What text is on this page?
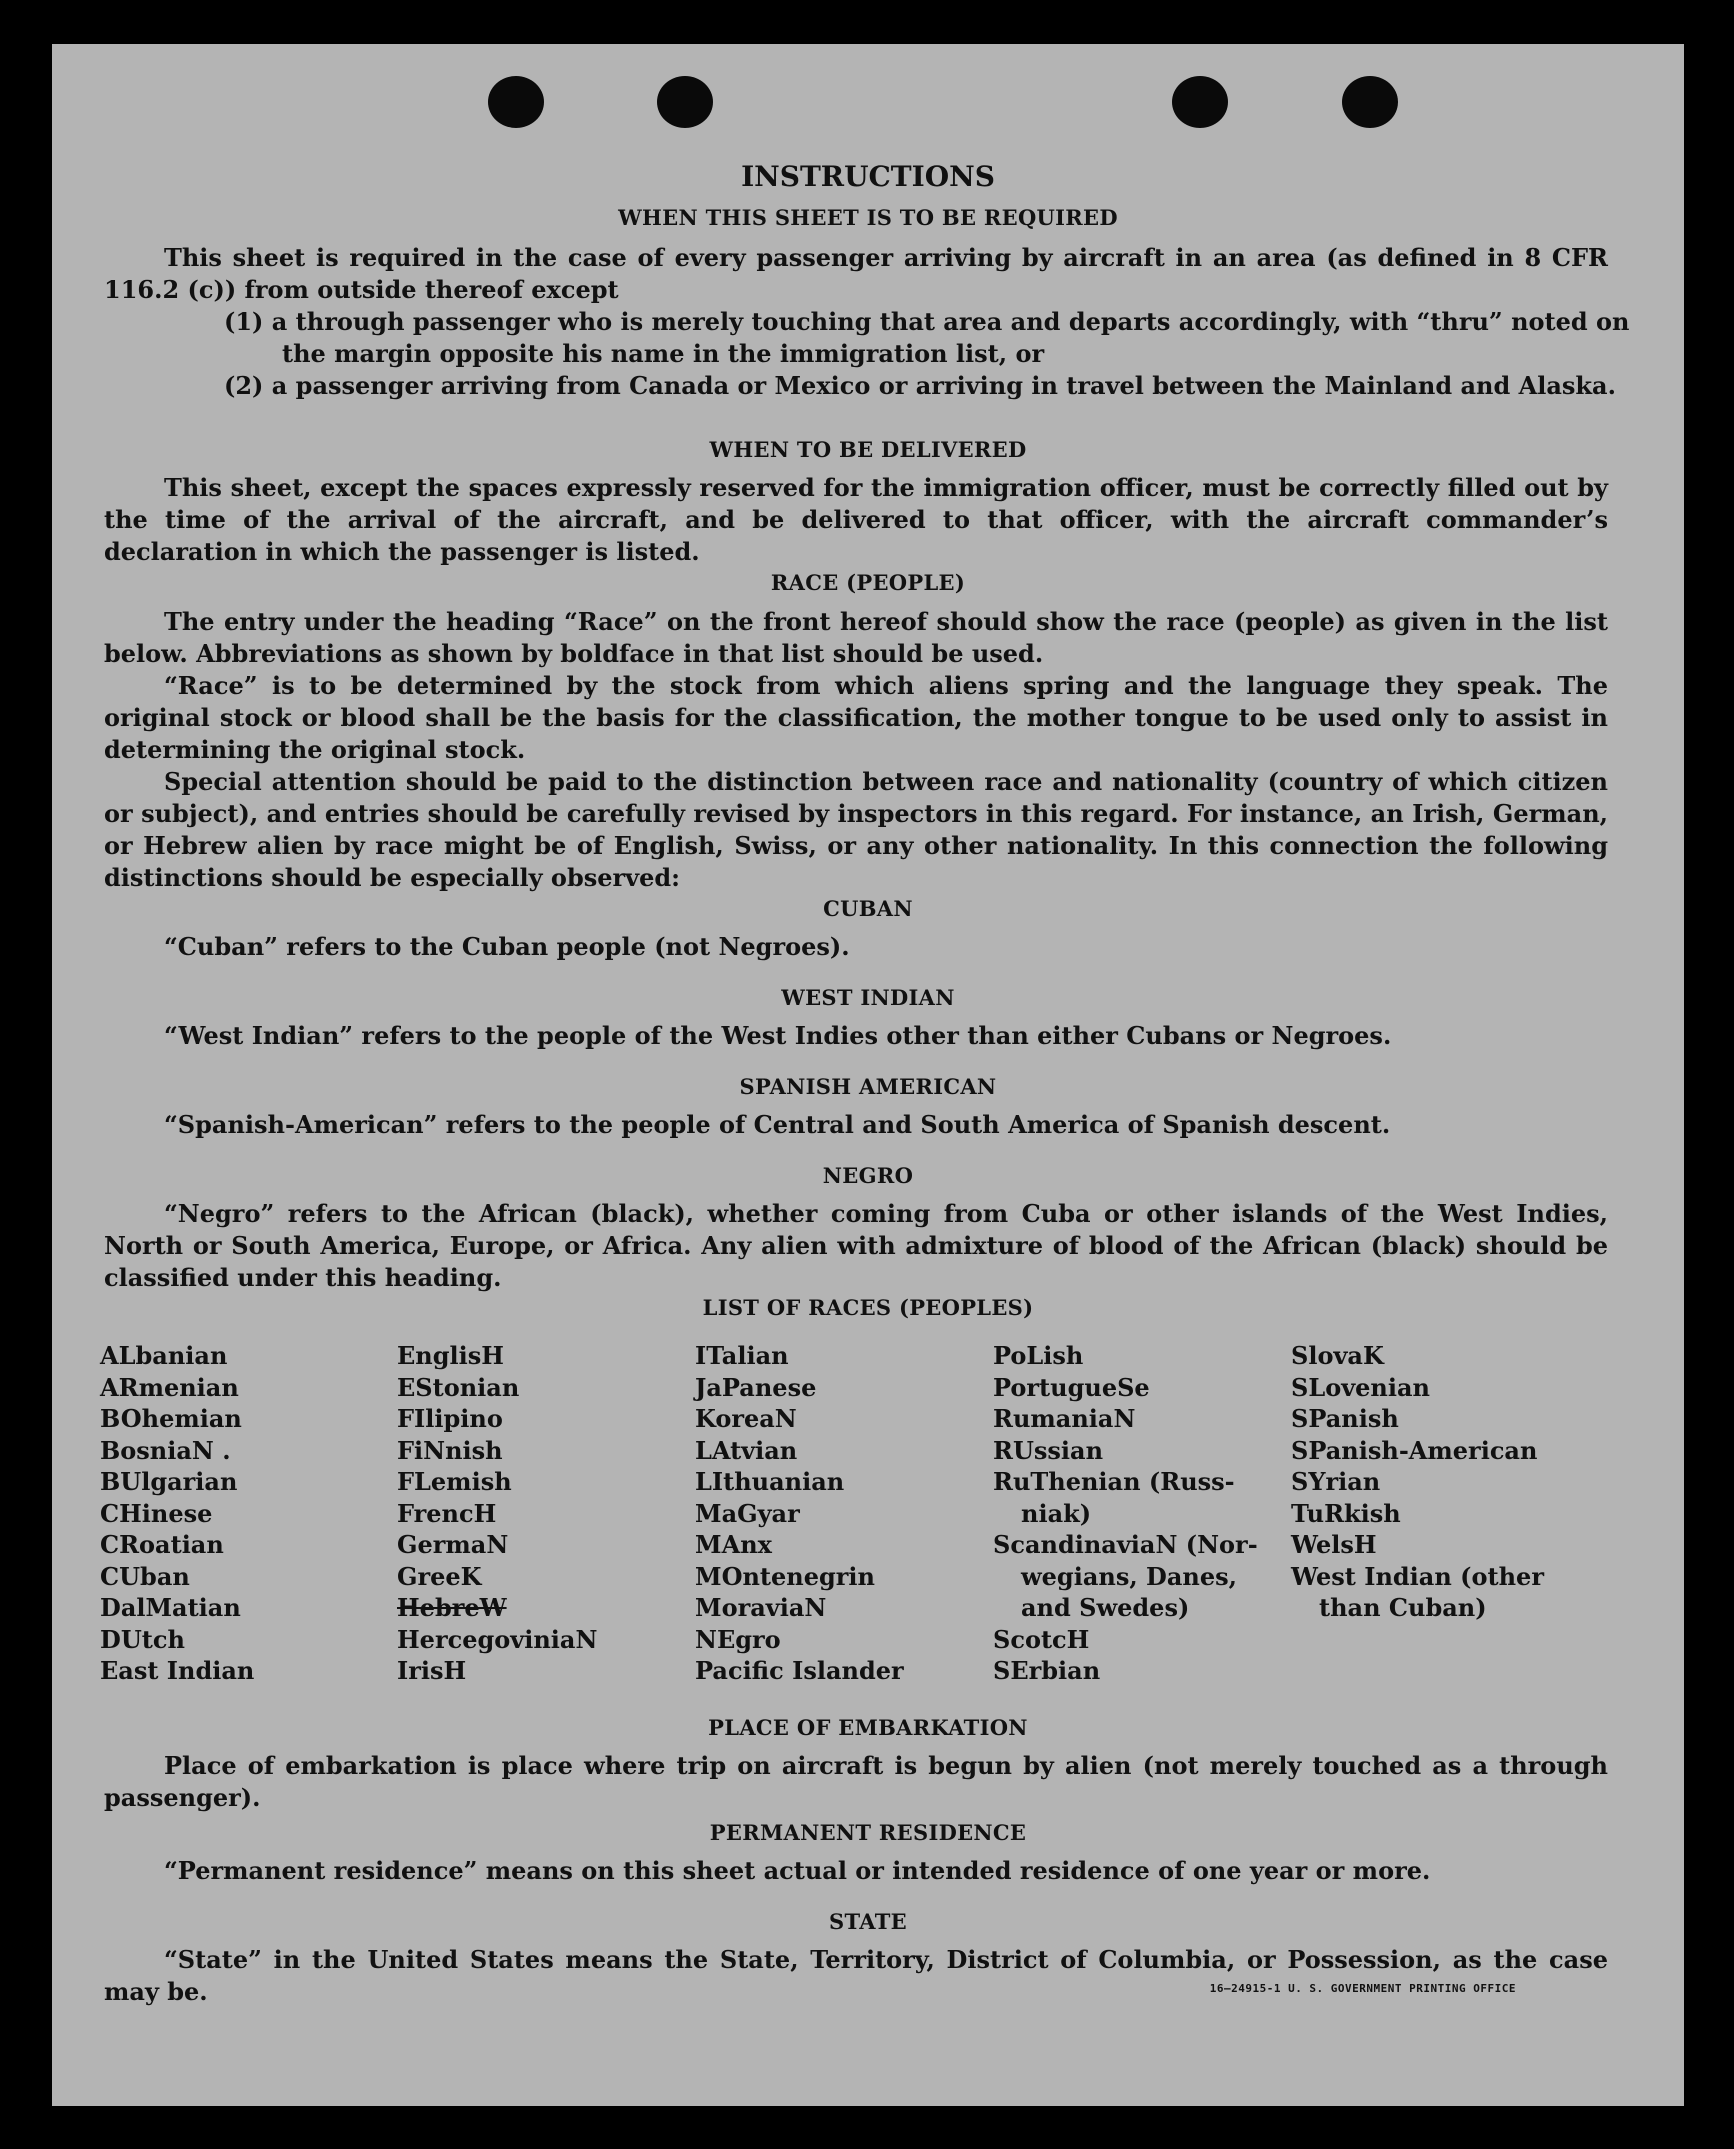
INSTRUCTIONS
WHEN THIS SHEET IS TO BE REQUIRED
This sheet is required in the case of every passenger arriving by aircraft in an area (as defined in 8 CFR 116.2 (c)) from outside thereof except
(1) a through passenger who is merely touching that area and departs accordingly, with “thru” noted on the margin opposite his name in the immigration list, or
(2) a passenger arriving from Canada or Mexico or arriving in travel between the Mainland and Alaska.
WHEN TO BE DELIVERED
This sheet, except the spaces expressly reserved for the immigration officer, must be correctly filled out by the time of the arrival of the aircraft, and be delivered to that officer, with the aircraft commander’s declaration in which the passenger is listed.
RACE (PEOPLE)
The entry under the heading “Race” on the front hereof should show the race (people) as given in the list below. Abbreviations as shown by boldface in that list should be used.
“Race” is to be determined by the stock from which aliens spring and the language they speak. The original stock or blood shall be the basis for the classification, the mother tongue to be used only to assist in determining the original stock.
Special attention should be paid to the distinction between race and nationality (country of which citizen or subject), and entries should be carefully revised by inspectors in this regard. For instance, an Irish, German, or Hebrew alien by race might be of English, Swiss, or any other nationality. In this connection the following distinctions should be especially observed:
CUBAN
“Cuban” refers to the Cuban people (not Negroes).
WEST INDIAN
“West Indian” refers to the people of the West Indies other than either Cubans or Negroes.
SPANISH AMERICAN
“Spanish-American” refers to the people of Central and South America of Spanish descent.
NEGRO
“Negro” refers to the African (black), whether coming from Cuba or other islands of the West Indies, North or South America, Europe, or Africa. Any alien with admixture of blood of the African (black) should be classified under this heading.
LIST OF RACES (PEOPLES)
ALbanian
ARmenian
BOhemian
BosniaN .
BUlgarian
CHinese
CRoatian
CUban
DalMatian
DUtch
East Indian
EnglisH
EStonian
FIlipino
FiNnish
FLemish
FrencH
GermaN
GreeK
HebreW
HercegoviniaN
IrisH
ITalian
JaPanese
KoreaN
LAtvian
LIthuanian
MaGyar
MAnx
MOntenegrin
MoraviaN
NEgro
Pacific Islander
PoLish
PortugueSe
RumaniaN
RUssian
RuThenian (Russ-
niak)
ScandinaviaN (Nor-
wegians, Danes,
and Swedes)
ScotcH
SErbian
SlovaK
SLovenian
SPanish
SPanish-American
SYrian
TuRkish
WelsH
West Indian (other
than Cuban)
PLACE OF EMBARKATION
Place of embarkation is place where trip on aircraft is begun by alien (not merely touched as a through passenger).
PERMANENT RESIDENCE
“Permanent residence” means on this sheet actual or intended residence of one year or more.
STATE
“State” in the United States means the State, Territory, District of Columbia, or Possession, as the case may be.	16—24915-1 U. S. GOVERNMENT PRINTING OFFICE
